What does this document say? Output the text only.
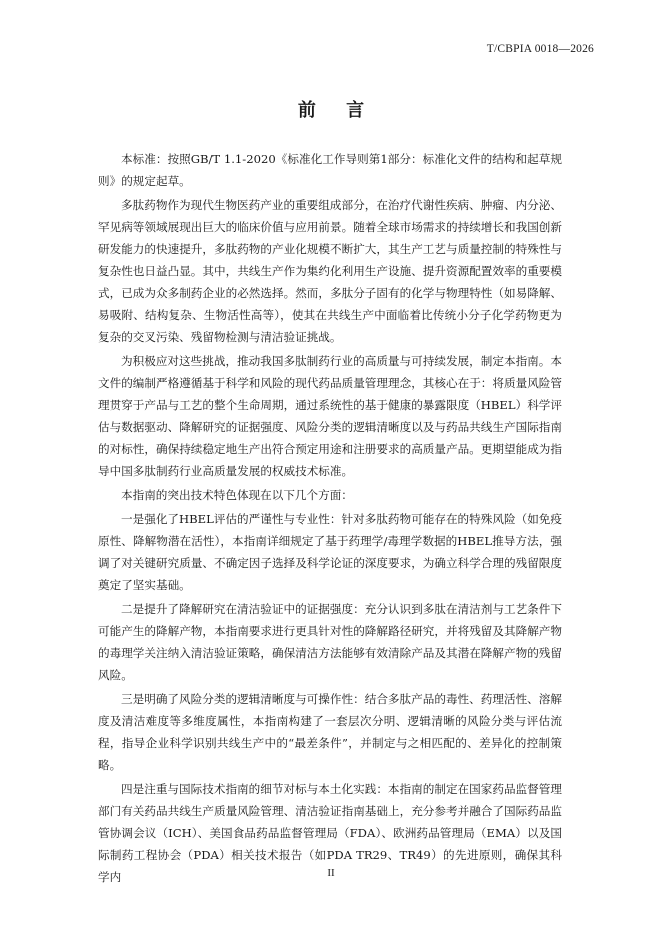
T/CBPIA 0018—2026
前 言

本标准：按照GB/T 1.1-2020《标准化工作导则第1部分：标准化文件的结构和起草规则》的规定起草。

多肽药物作为现代生物医药产业的重要组成部分，在治疗代谢性疾病、肿瘤、内分泌、罕见病等领域展现出巨大的临床价值与应用前景。随着全球市场需求的持续增长和我国创新研发能力的快速提升，多肽药物的产业化规模不断扩大，其生产工艺与质量控制的特殊性与复杂性也日益凸显。其中，共线生产作为集约化利用生产设施、提升资源配置效率的重要模式，已成为众多制药企业的必然选择。然而，多肽分子固有的化学与物理特性（如易降解、易吸附、结构复杂、生物活性高等），使其在共线生产中面临着比传统小分子化学药物更为复杂的交叉污染、残留物检测与清洁验证挑战。

为积极应对这些挑战，推动我国多肽制药行业的高质量与可持续发展，制定本指南。本文件的编制严格遵循基于科学和风险的现代药品质量管理理念，其核心在于：将质量风险管理贯穿于产品与工艺的整个生命周期，通过系统性的基于健康的暴露限度（HBEL）科学评估与数据驱动、降解研究的证据强度、风险分类的逻辑清晰度以及与药品共线生产国际指南的对标性，确保持续稳定地生产出符合预定用途和注册要求的高质量产品。更期望能成为指导中国多肽制药行业高质量发展的权威技术标准。

本指南的突出技术特色体现在以下几个方面：

一是强化了HBEL评估的严谨性与专业性：针对多肽药物可能存在的特殊风险（如免疫原性、降解物潜在活性），本指南详细规定了基于药理学/毒理学数据的HBEL推导方法，强调了对关键研究质量、不确定因子选择及科学论证的深度要求，为确立科学合理的残留限度奠定了坚实基础。

二是提升了降解研究在清洁验证中的证据强度：充分认识到多肽在清洁剂与工艺条件下可能产生的降解产物，本指南要求进行更具针对性的降解路径研究，并将残留及其降解产物的毒理学关注纳入清洁验证策略，确保清洁方法能够有效清除产品及其潜在降解产物的残留风险。

三是明确了风险分类的逻辑清晰度与可操作性：结合多肽产品的毒性、药理活性、溶解度及清洁难度等多维度属性，本指南构建了一套层次分明、逻辑清晰的风险分类与评估流程，指导企业科学识别共线生产中的“最差条件”，并制定与之相匹配的、差异化的控制策略。

四是注重与国际技术指南的细节对标与本土化实践：本指南的制定在国家药品监督管理部门有关药品共线生产质量风险管理、清洁验证指南基础上，充分参考并融合了国际药品监管协调会议（ICH）、美国食品药品监督管理局（FDA）、欧洲药品管理局（EMA）以及国际制药工程协会（PDA）相关技术报告（如PDA TR29、TR49）的先进原则，确保其科学内	II
